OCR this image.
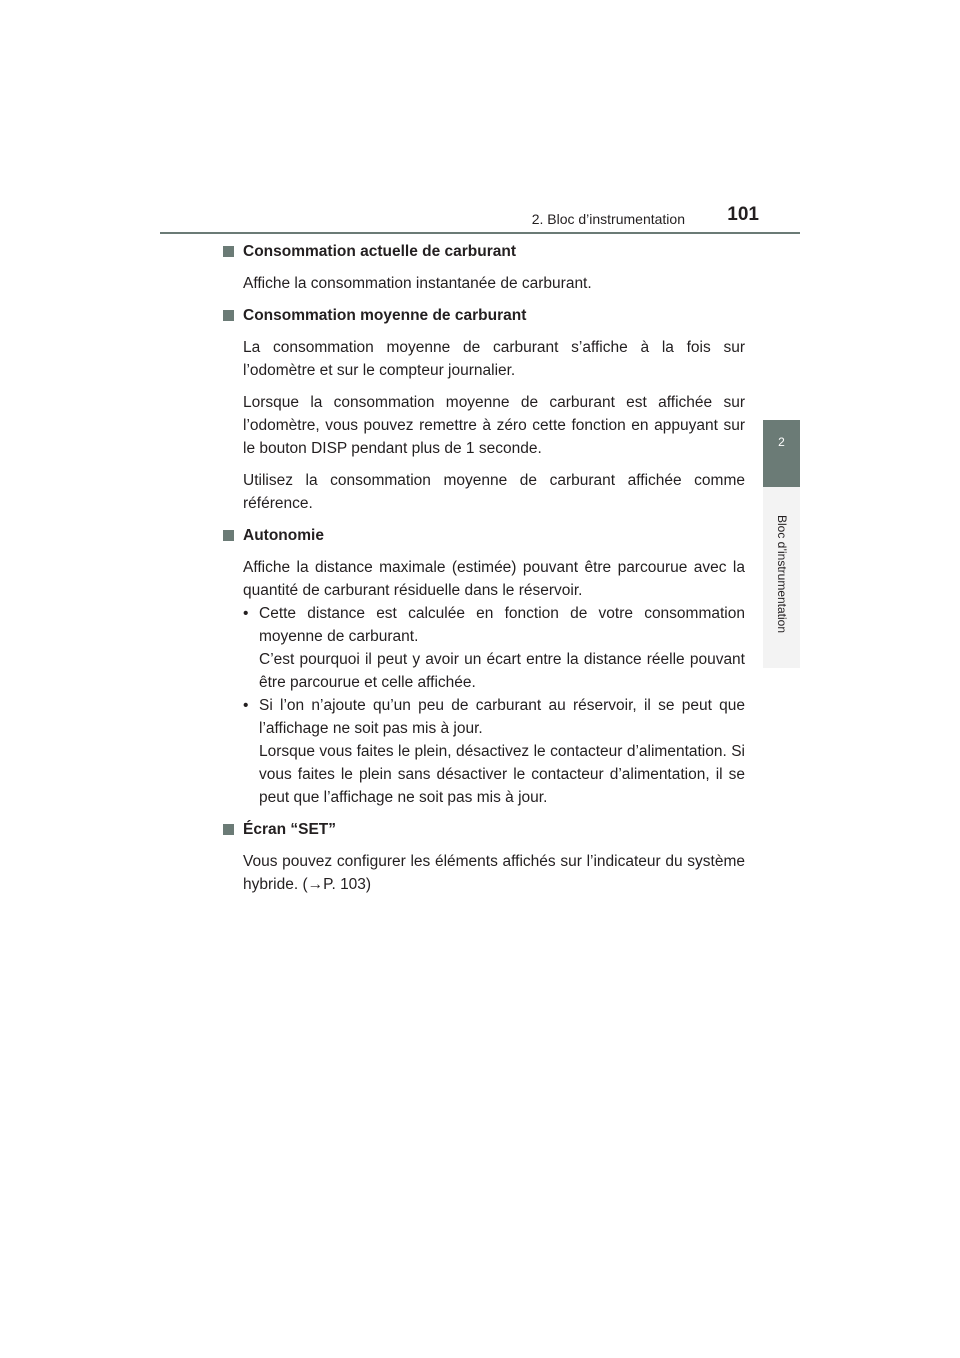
2. Bloc d’instrumentation 101
2
Bloc d’instrumentation
Consommation actuelle de carburant

Affiche la consommation instantanée de carburant.

Consommation moyenne de carburant

La consommation moyenne de carburant s’affiche à la fois sur l’odomètre et sur le compteur journalier.

Lorsque la consommation moyenne de carburant est affichée sur l’odomètre, vous pouvez remettre à zéro cette fonction en appuyant sur le bouton DISP pendant plus de 1 seconde.

Utilisez la consommation moyenne de carburant affichée comme référence.

Autonomie

Affiche la distance maximale (estimée) pouvant être parcourue avec la quantité de carburant résiduelle dans le réservoir.

• Cette distance est calculée en fonction de votre consommation moyenne de carburant.

C’est pourquoi il peut y avoir un écart entre la distance réelle pouvant être parcourue et celle affichée.

• Si l’on n’ajoute qu’un peu de carburant au réservoir, il se peut que l’affichage ne soit pas mis à jour.

Lorsque vous faites le plein, désactivez le contacteur d’alimentation. Si vous faites le plein sans désactiver le contacteur d’alimentation, il se peut que l’affichage ne soit pas mis à jour.

Écran “SET”

Vous pouvez configurer les éléments affichés sur l’indicateur du système hybride. (→P. 103)
